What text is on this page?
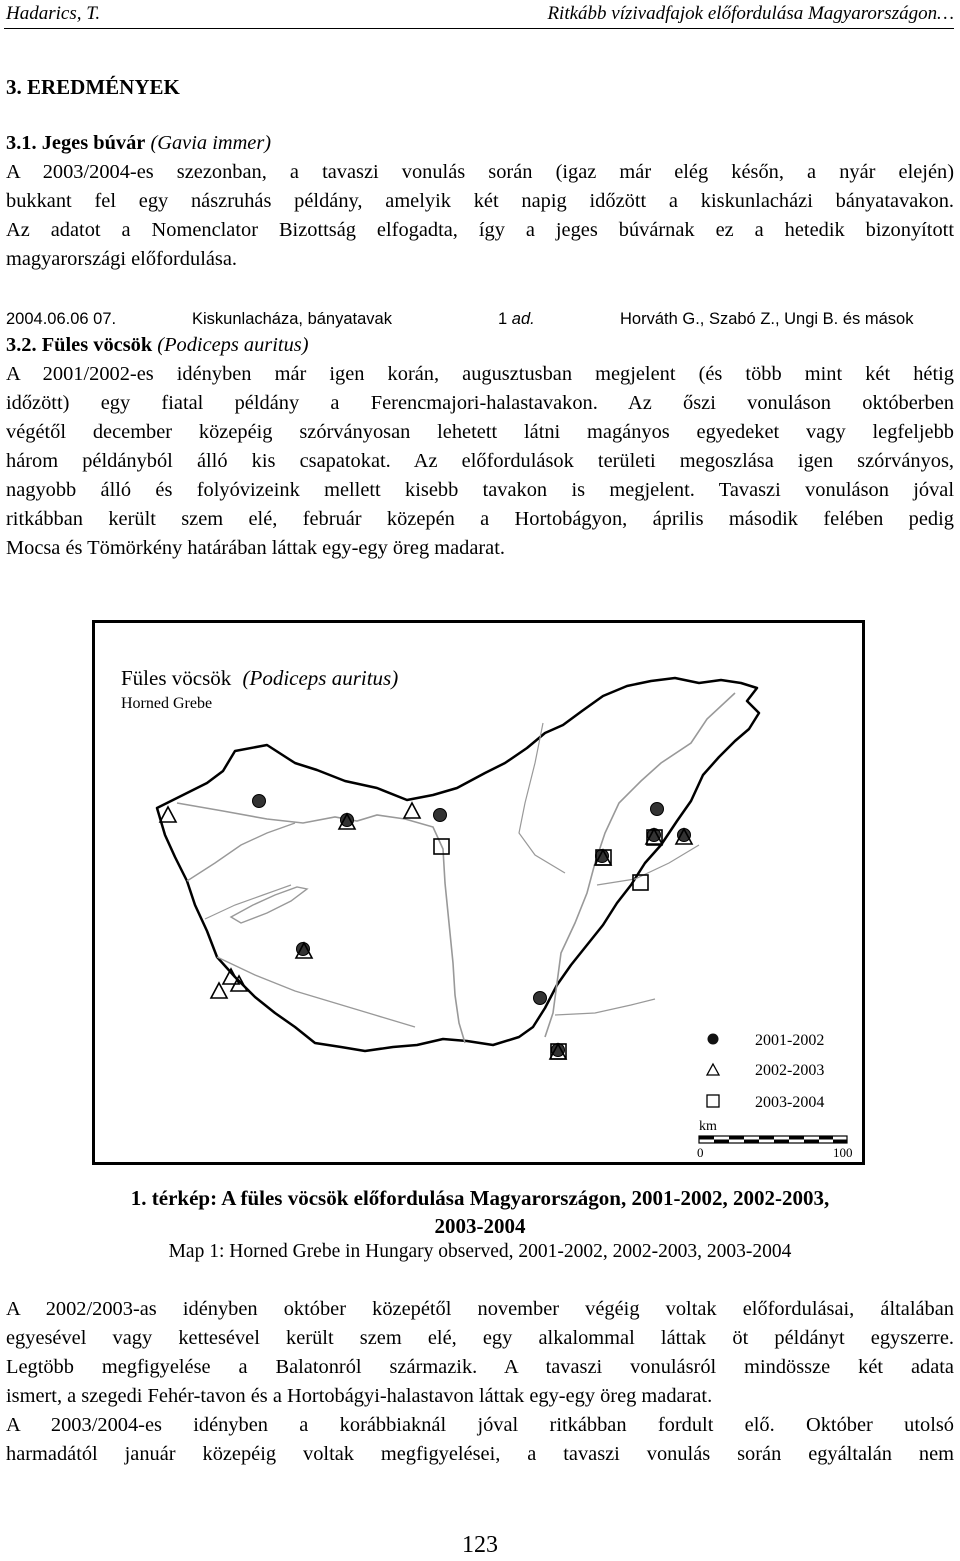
Hadarics, T.	Ritkább vízivadfajok előfordulása Magyarországon…
3. EREDMÉNYEK
3.1. Jeges búvár (Gavia immer)
A 2003/2004-es szezonban, a tavaszi vonulás során (igaz már elég későn, a nyár elején)
bukkant fel egy nászruhás példány, amelyik két napig időzött a kiskunlacházi bányatavakon.
Az adatot a Nomenclator Bizottság elfogadta, így a jeges búvárnak ez a hetedik bizonyított
magyarországi előfordulása.
2004.06.06 07.	Kiskunlacháza, bányatavak	1 ad.	Horváth G., Szabó Z., Ungi B. és mások
3.2. Füles vöcsök (Podiceps auritus)
A 2001/2002-es idényben már igen korán, augusztusban megjelent (és több mint két hétig
időzött) egy fiatal példány a Ferencmajori-halastavakon. Az őszi vonuláson októberben
végétől december közepéig szórványosan lehetett látni magányos egyedeket vagy legfeljebb
három példányból álló kis csapatokat. Az előfordulások területi megoszlása igen szórványos,
nagyobb álló és folyóvizeink mellett kisebb tavakon is megjelent. Tavaszi vonuláson jóval
ritkábban került szem elé, február közepén a Hortobágyon, április második felében pedig
Mocsa és Tömörkény határában láttak egy-egy öreg madarat.
Füles vöcsök (Podiceps auritus)
Horned Grebe
2001-2002
2002-2003
2003-2004
km
0	100
1. térkép: A füles vöcsök előfordulása Magyarországon, 2001-2002, 2002-2003,
2003-2004
Map 1: Horned Grebe in Hungary observed, 2001-2002, 2002-2003, 2003-2004
A 2002/2003-as idényben október közepétől november végéig voltak előfordulásai, általában
egyesével vagy kettesével került szem elé, egy alkalommal láttak öt példányt egyszerre.
Legtöbb megfigyelése a Balatonról származik. A tavaszi vonulásról mindössze két adata
ismert, a szegedi Fehér-tavon és a Hortobágyi-halastavon láttak egy-egy öreg madarat.
A 2003/2004-es idényben a korábbiaknál jóval ritkábban fordult elő. Október utolsó
harmadától január közepéig voltak megfigyelései, a tavaszi vonulás során egyáltalán nem
123
